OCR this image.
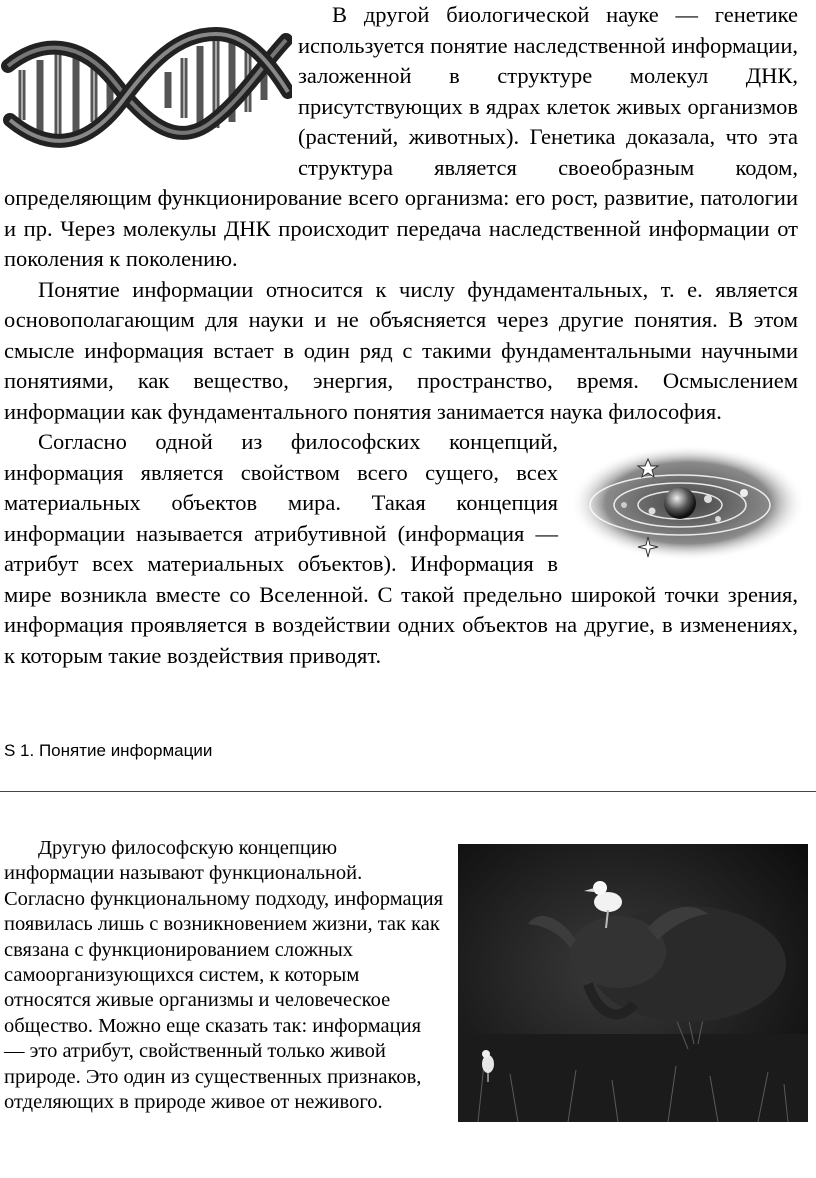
В другой биологической науке — генетике используется понятие наследственной информации, заложенной в структуре молекул ДНК, присутствующих в ядрах клеток живых организмов (растений, животных). Генетика доказала, что эта структура является своеобразным кодом, определяющим функционирование всего организма: его рост, развитие, патологии и пр. Через молекулы ДНК происходит передача наследственной информации от поколения к поколению.

Понятие информации относится к числу фундаментальных, т. е. является основополагающим для науки и не объясняется через другие понятия. В этом смысле информация встает в один ряд с такими фундаментальными научными понятиями, как вещество, энергия, пространство, время. Осмыслением информации как фундаментального понятия занимается наука философия.

Согласно одной из философских концепций, информация является свойством всего сущего, всех материальных объектов мира. Такая концепция информации называется атрибутивной (информация — атрибут всех материальных объектов). Информация в мире возникла вместе со Вселенной. С такой предельно широкой точки зрения, информация проявляется в воздействии одних объектов на другие, в изменениях, к которым такие воздействия приводят.

S 1. Понятие информации

Другую философскую концепцию информации называют функциональной. Согласно функциональному подходу, информация появилась лишь с возникновением жизни, так как связана с функционированием сложных самоорганизующихся систем, к которым относятся живые организмы и человеческое общество. Можно еще сказать так: информация — это атрибут, свойственный только живой природе. Это один из существенных признаков, отделяющих в природе живое от неживого.
